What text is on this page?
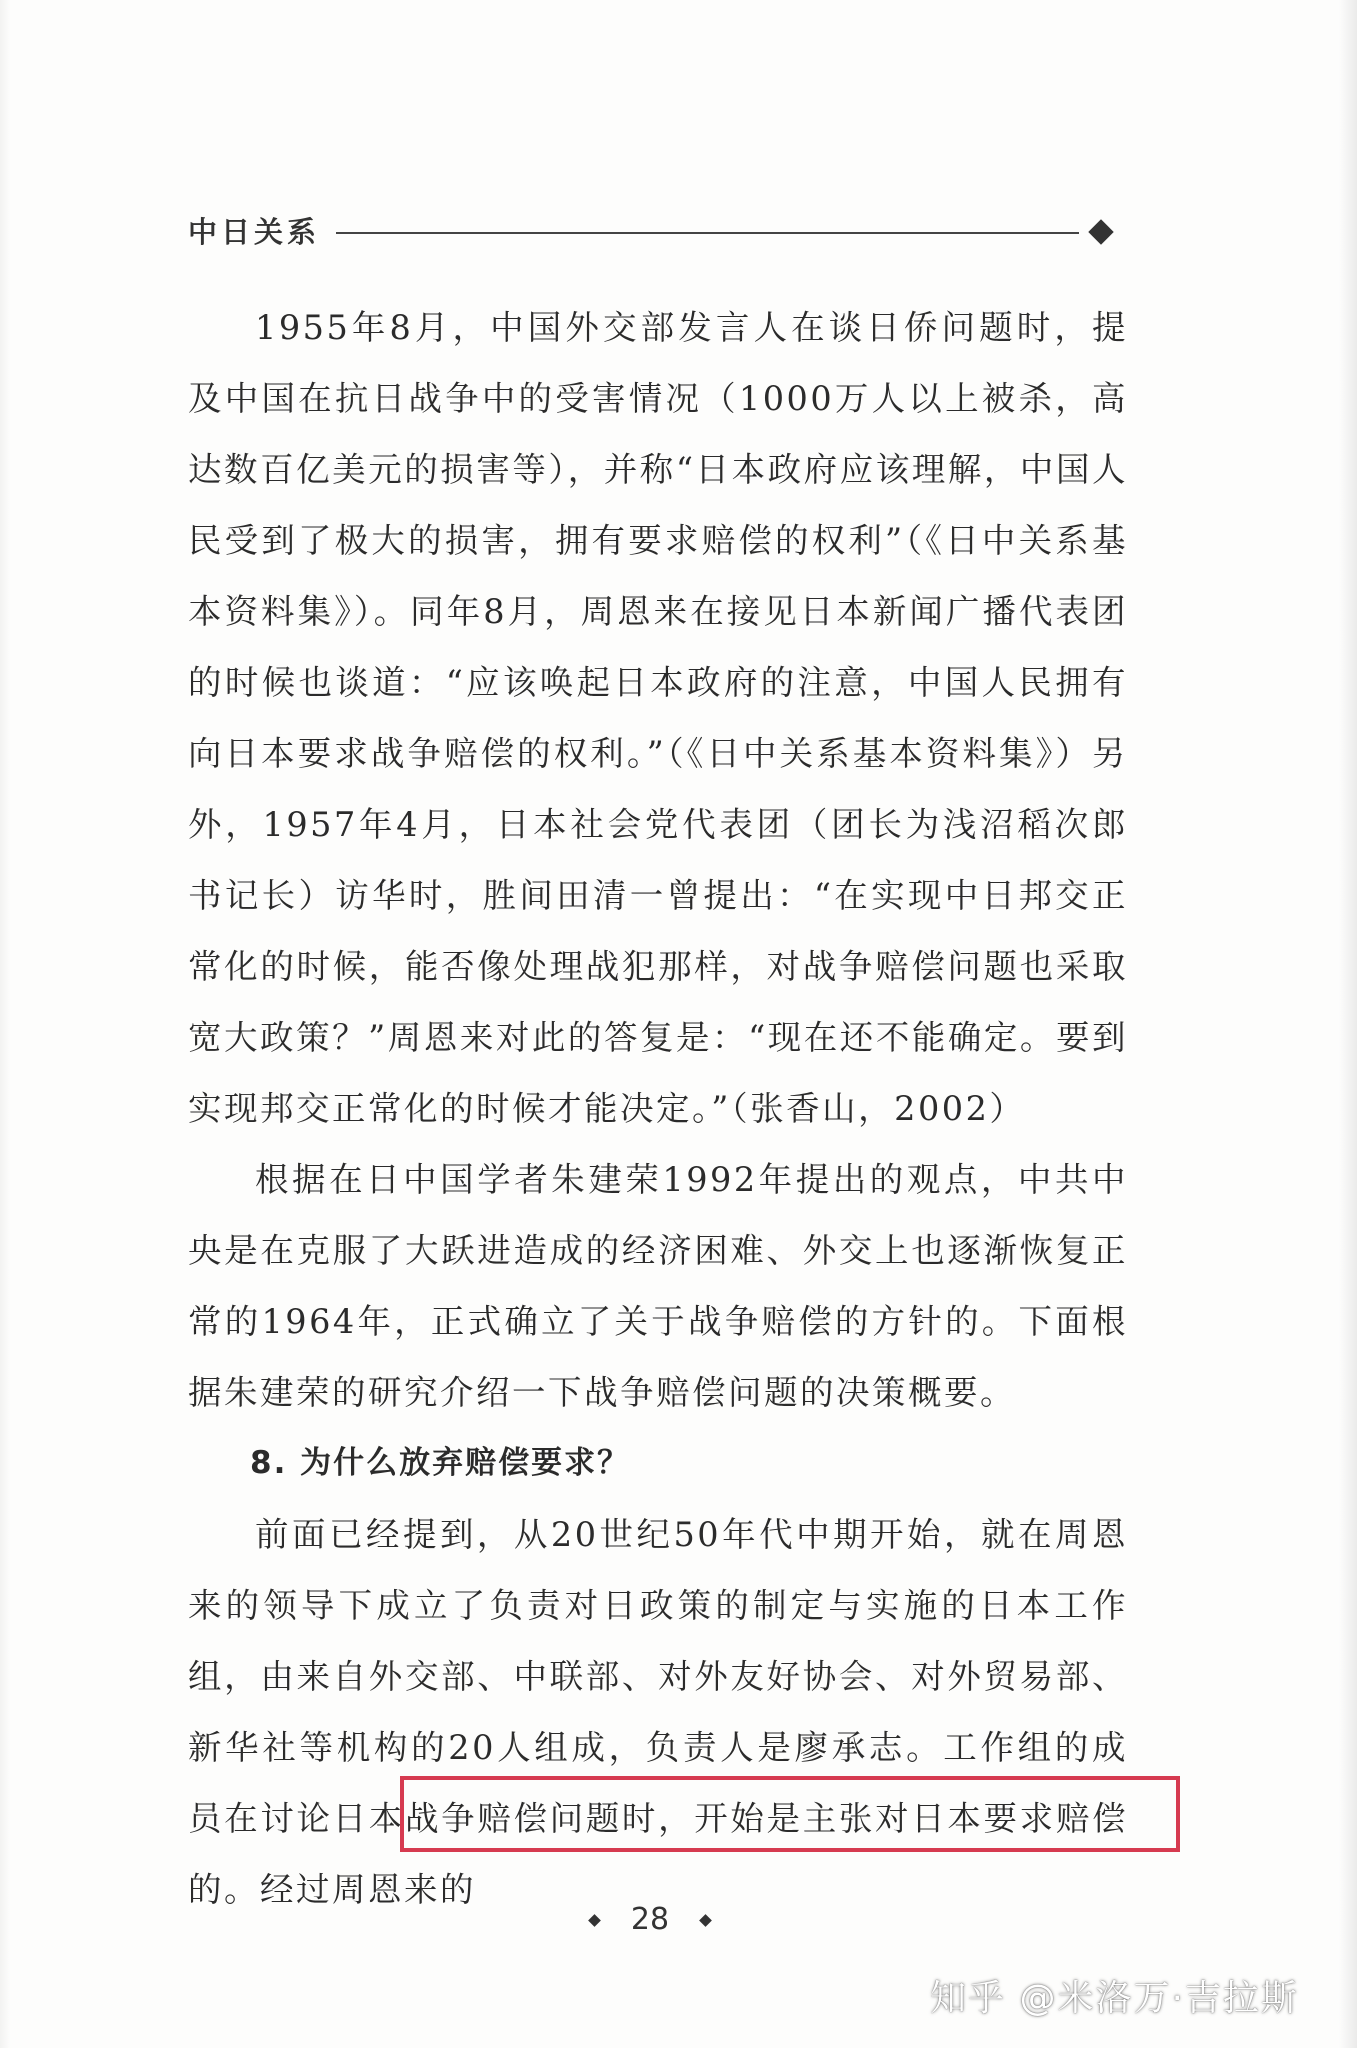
中日关系

1955年8月，中国外交部发言人在谈日侨问题时，提及中国在抗日战争中的受害情况（1000万人以上被杀，高达数百亿美元的损害等），并称“日本政府应该理解，中国人民受到了极大的损害，拥有要求赔偿的权利”（《日中关系基本资料集》）。同年8月，周恩来在接见日本新闻广播代表团的时候也谈道：“应该唤起日本政府的注意，中国人民拥有向日本要求战争赔偿的权利。”（《日中关系基本资料集》）另外，1957年4月，日本社会党代表团（团长为浅沼稻次郎书记长）访华时，胜间田清一曾提出：“在实现中日邦交正常化的时候，能否像处理战犯那样，对战争赔偿问题也采取宽大政策？”周恩来对此的答复是：“现在还不能确定。要到实现邦交正常化的时候才能决定。”（张香山，2002）

根据在日中国学者朱建荣1992年提出的观点，中共中央是在克服了大跃进造成的经济困难、外交上也逐渐恢复正常的1964年，正式确立了关于战争赔偿的方针的。下面根据朱建荣的研究介绍一下战争赔偿问题的决策概要。

8. 为什么放弃赔偿要求？

前面已经提到，从20世纪50年代中期开始，就在周恩来的领导下成立了负责对日政策的制定与实施的日本工作组，由来自外交部、中联部、对外友好协会、对外贸易部、新华社等机构的20人组成，负责人是廖承志。工作组的成员在讨论日本战争赔偿问题时，开始是主张对日本要求赔偿的。经过周恩来的

28
知乎 @米洛万·吉拉斯
